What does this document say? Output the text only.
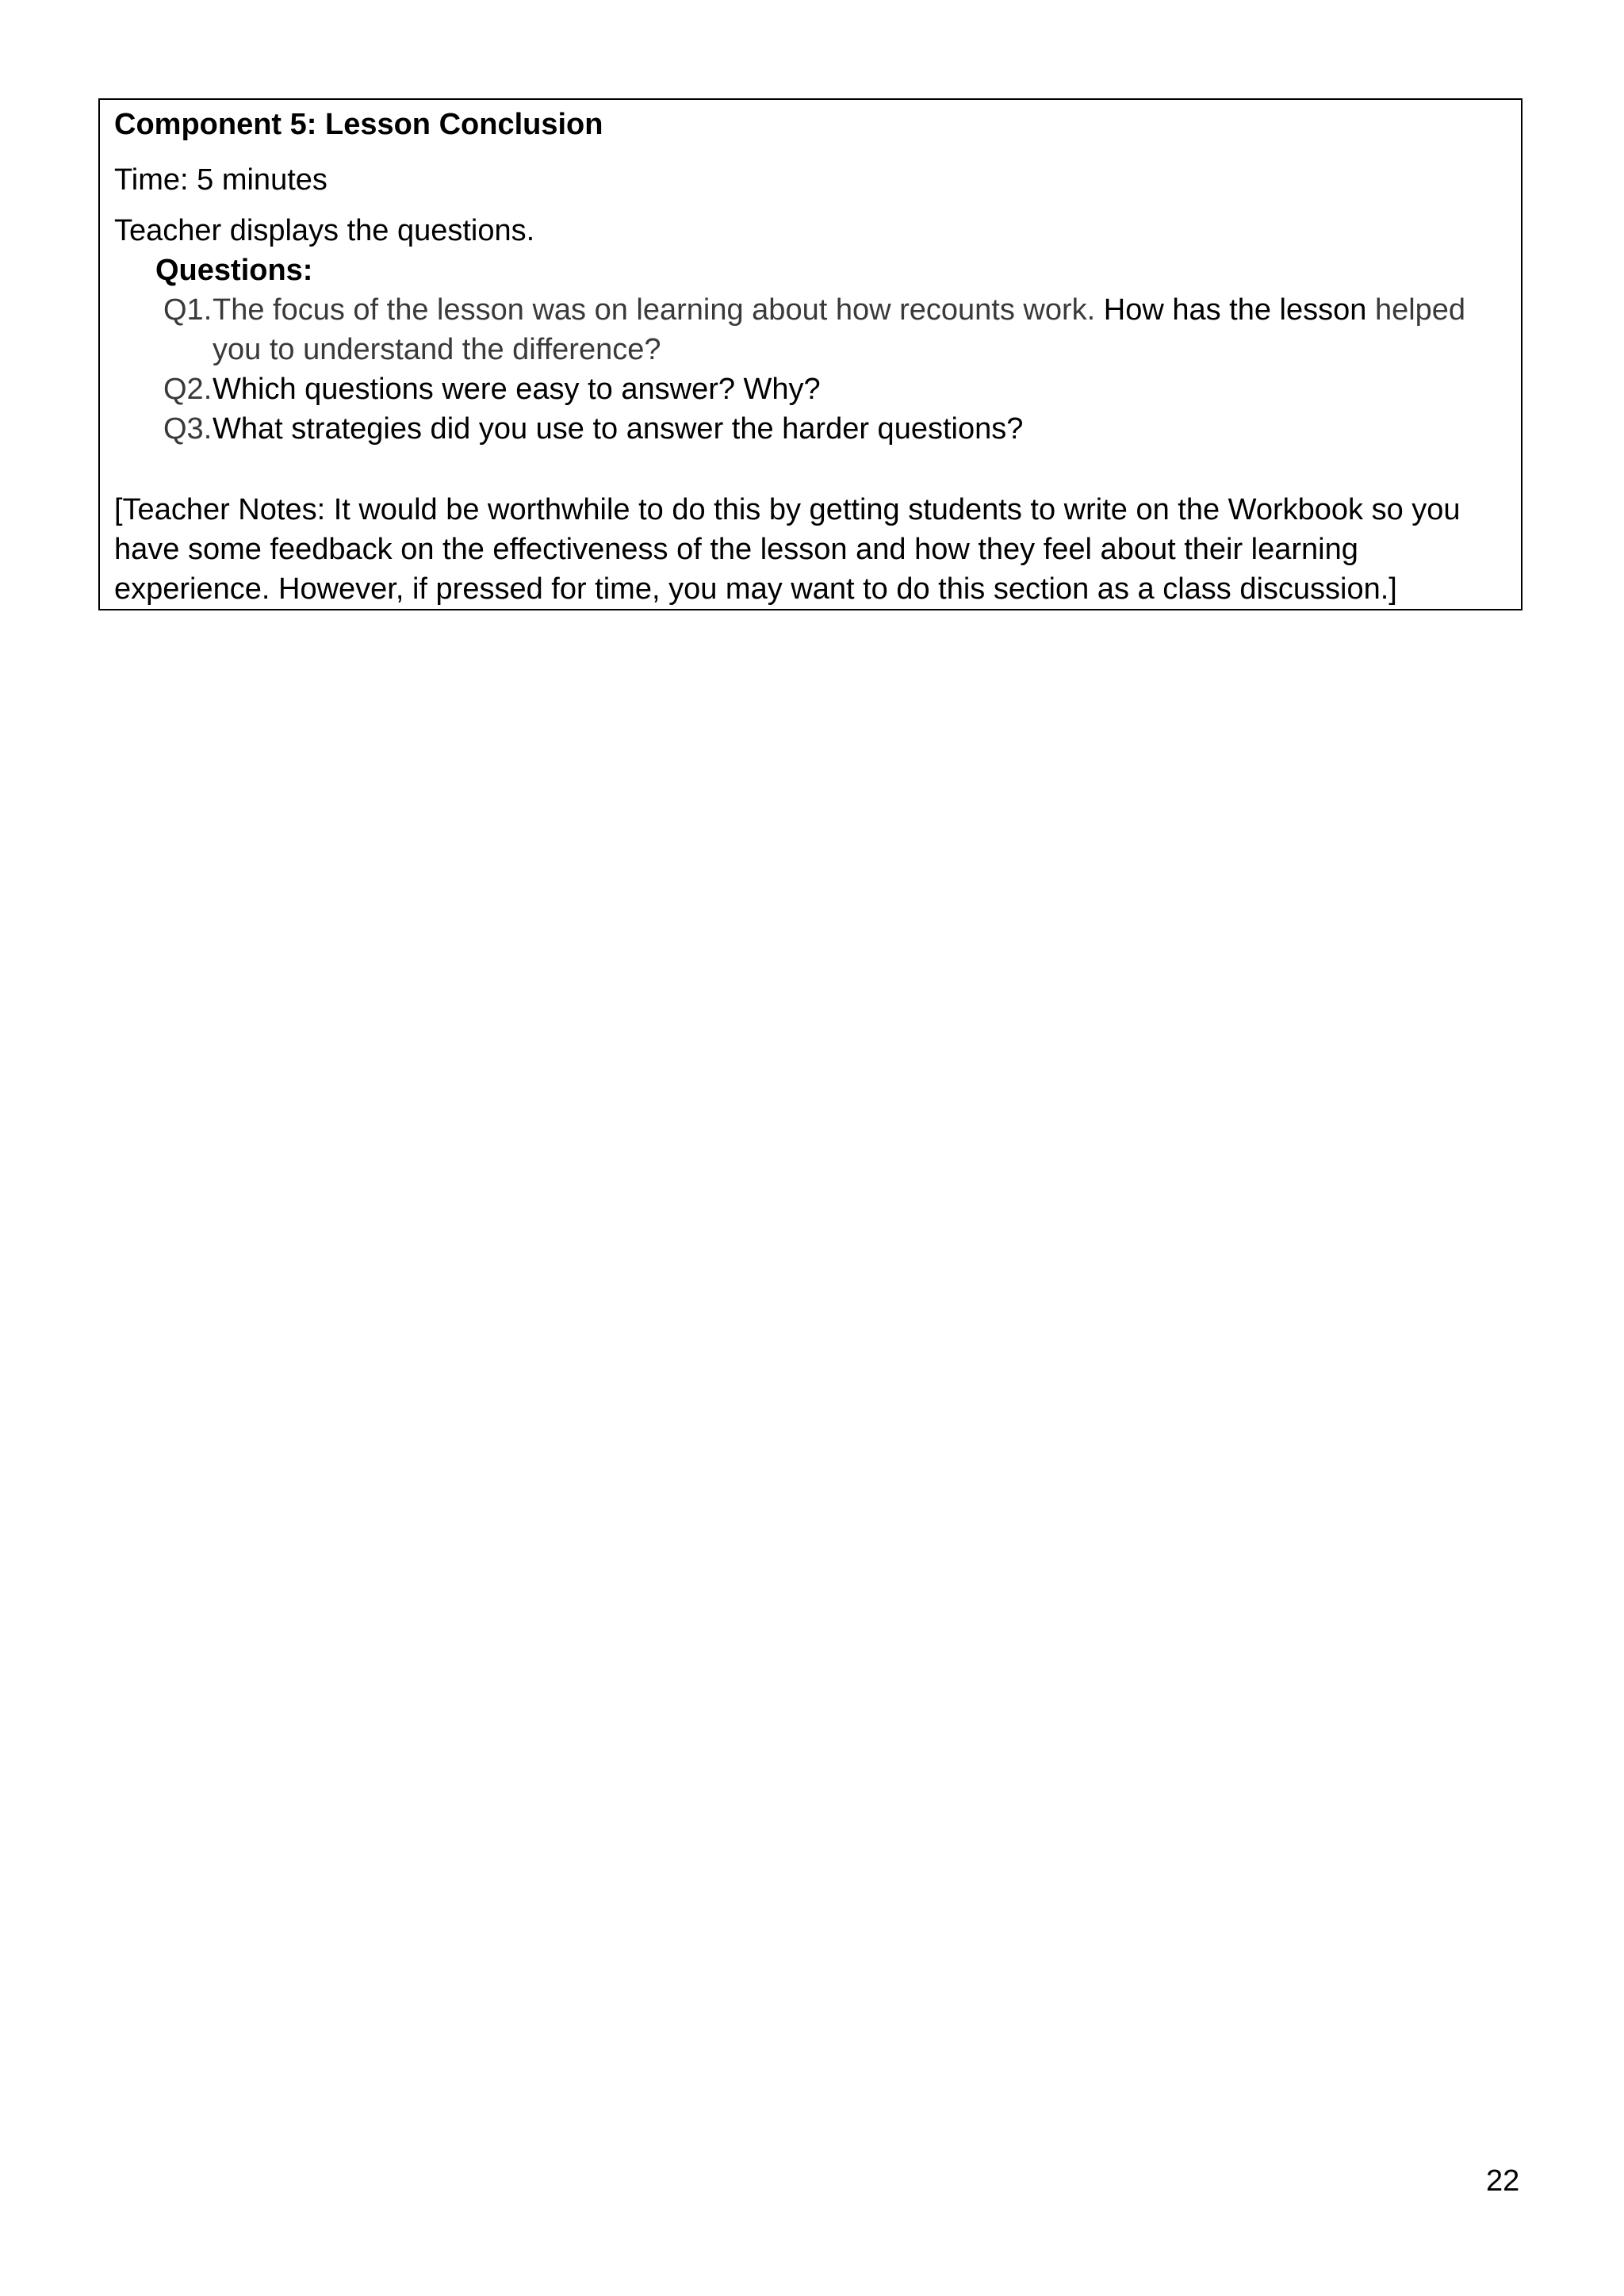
Component 5: Lesson Conclusion

Time: 5 minutes

Teacher displays the questions.

Questions:

Q1. The focus of the lesson was on learning about how recounts work. How has the lesson helped you to understand the difference?
Q2. Which questions were easy to answer? Why?
Q3. What strategies did you use to answer the harder questions?

[Teacher Notes: It would be worthwhile to do this by getting students to write on the Workbook so you have some feedback on the effectiveness of the lesson and how they feel about their learning experience. However, if pressed for time, you may want to do this section as a class discussion.]

22
